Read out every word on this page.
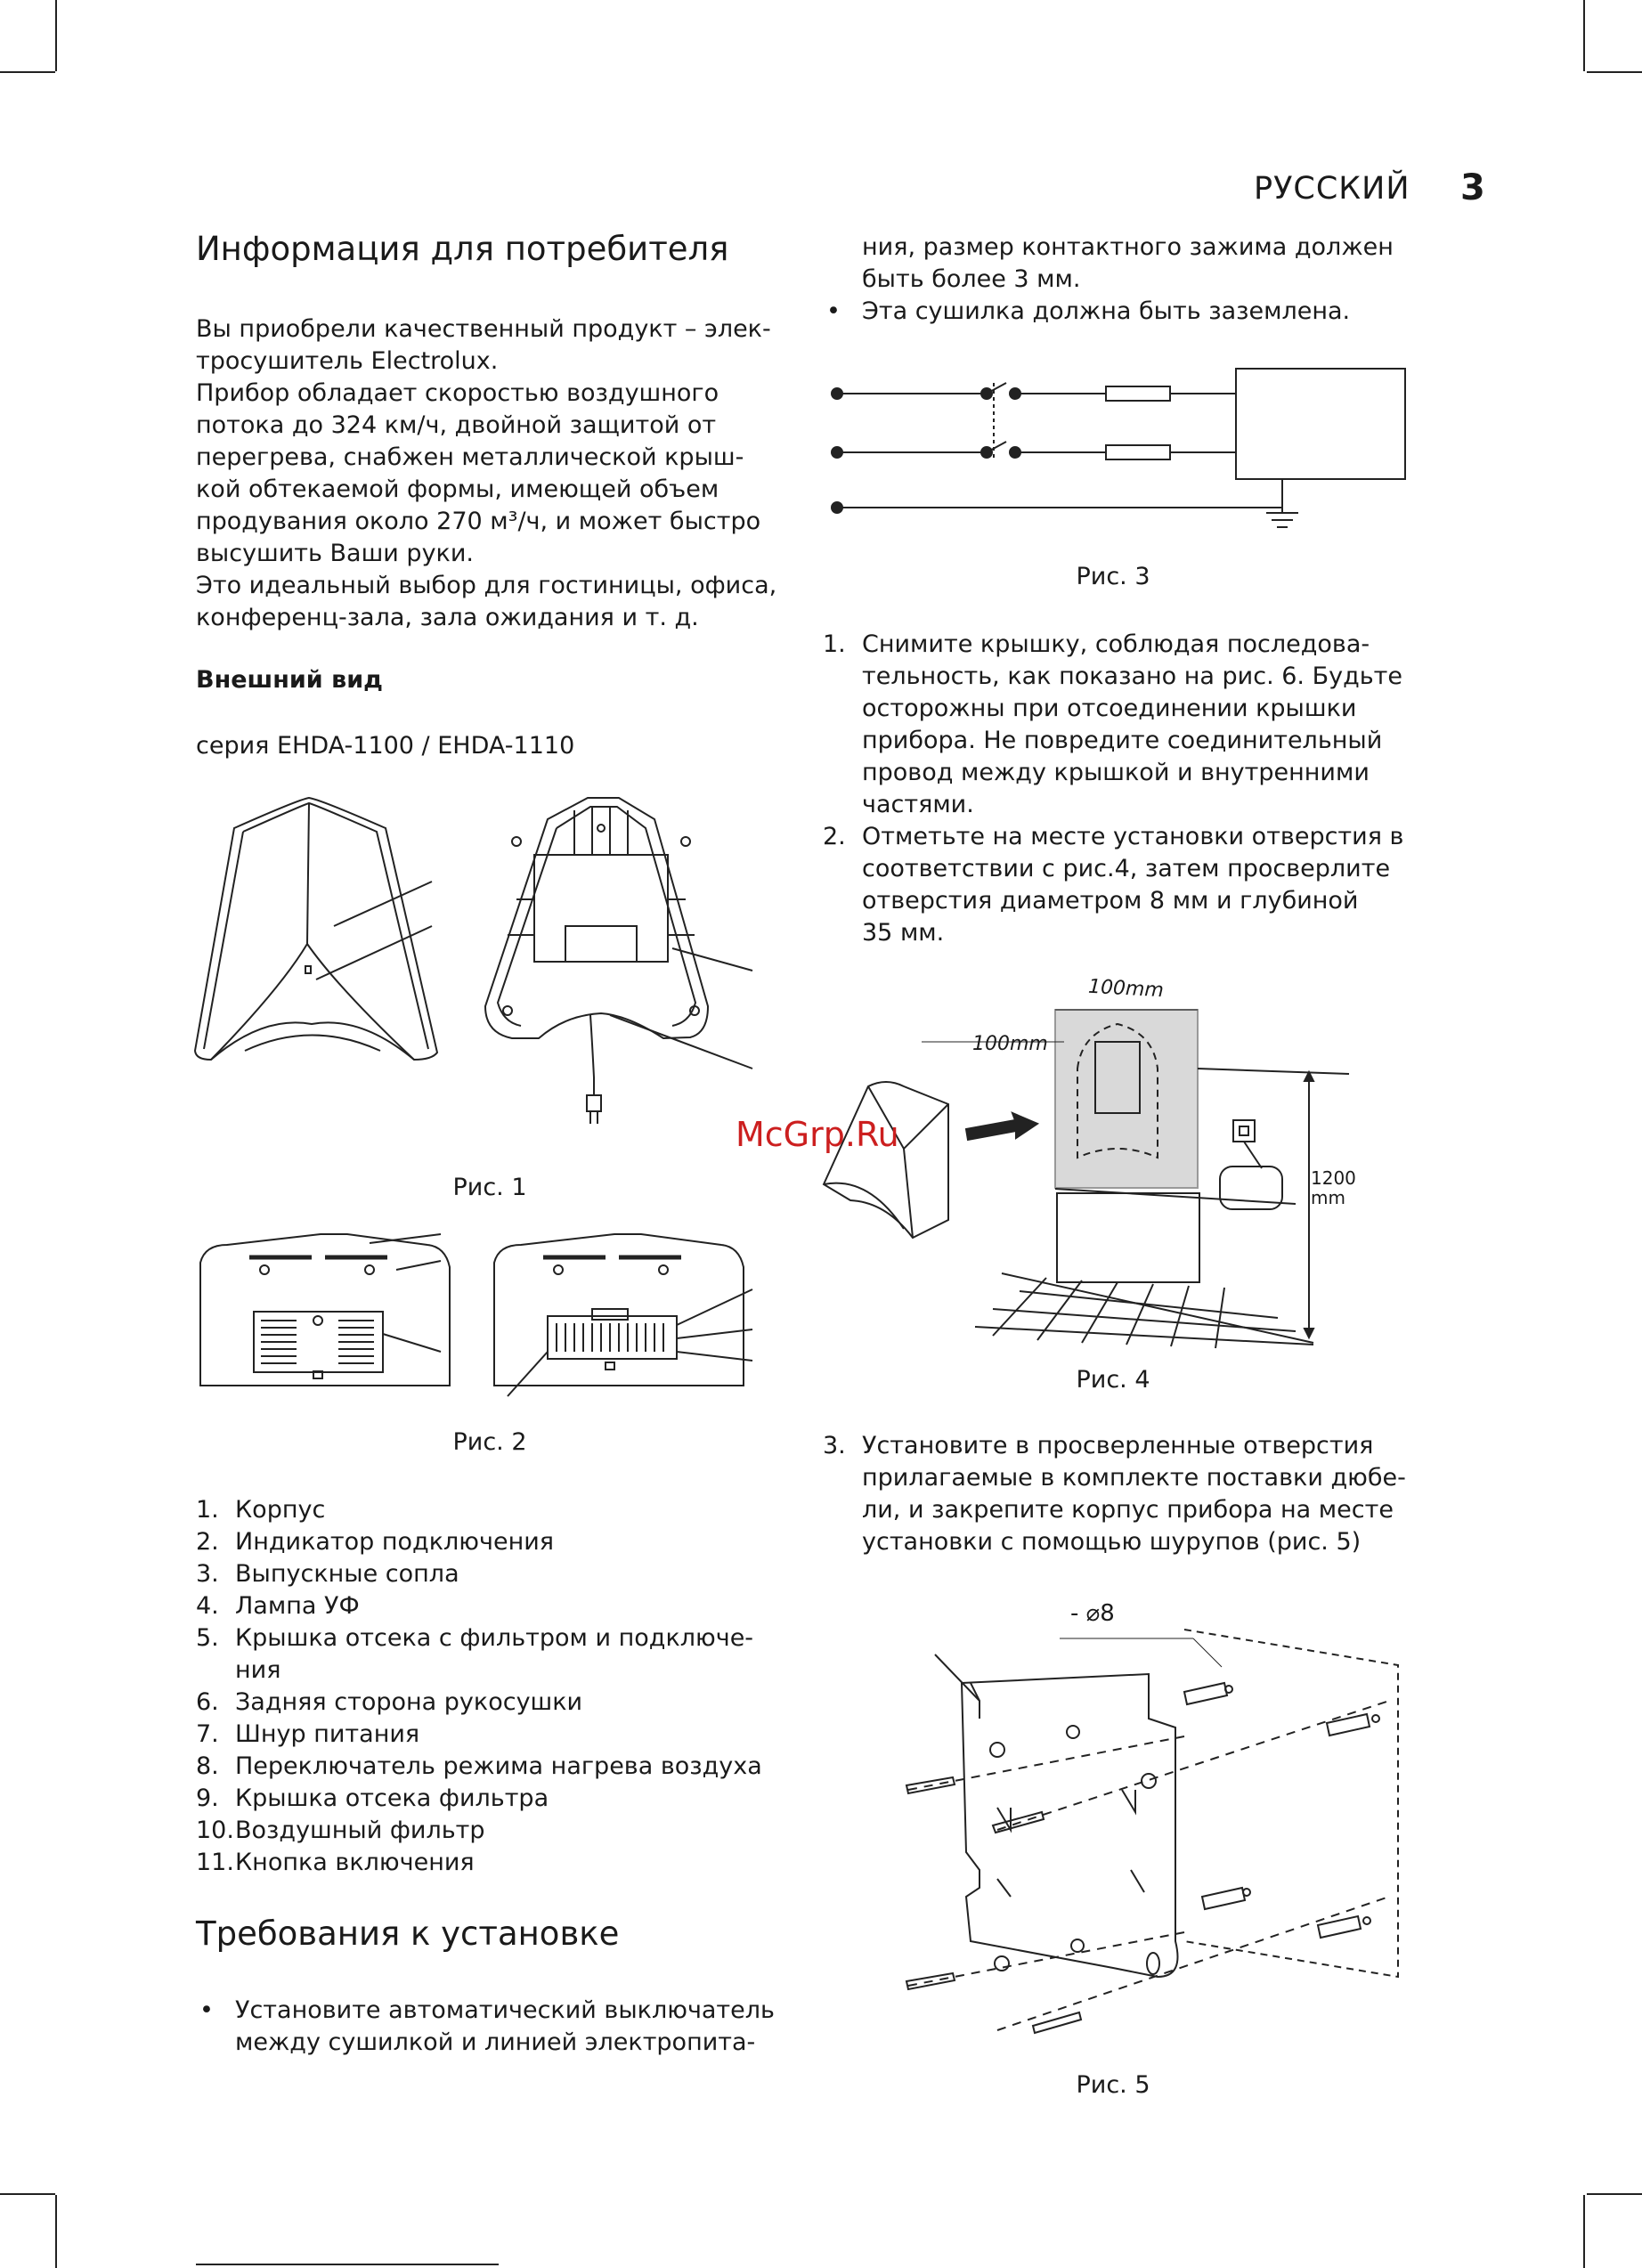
РУССКИЙ 3
Информация для потребителя

Вы приобрели качественный продукт – элек-
тросушитель Electrolux.
Прибор обладает скоростью воздушного
потока до 324 км/ч, двойной защитой от
перегрева, снабжен металлической крыш-
кой обтекаемой формы, имеющей объем
продувания около 270 м³/ч, и может быстро
высушить Ваши руки.
Это идеальный выбор для гостиницы, офиса,
конференц-зала, зала ожидания и т. д.

Внешний вид

серия EHDA-1100 / EHDA-1110

Рис. 1
Рис. 2
1. Корпус
2. Индикатор подключения
3. Выпускные сопла
4. Лампа УФ
5. Крышка отсека с фильтром и подключе-
ния
6. Задняя сторона рукосушки
7. Шнур питания
8. Переключатель режима нагрева воздуха
9. Крышка отсека фильтра
10. Воздушный фильтр
11. Кнопка включения
Требования к установке
• Установите автоматический выключатель
между сушилкой и линией электропита-

ния, размер контактного зажима должен
быть более 3 мм.

• Эта сушилка должна быть заземлена.
Рис. 3
1. Снимите крышку, соблюдая последова-
тельность, как показано на рис. 6. Будьте
осторожны при отсоединении крышки
прибора. Не повредите соединительный
провод между крышкой и внутренними
частями.
2. Отметьте на месте установки отверстия в
соответствии с рис.4, затем просверлите
отверстия диаметром 8 мм и глубиной
35 мм.
100mm
100mm
1200
mm
Рис. 4
3. Установите в просверленные отверстия
прилагаемые в комплекте поставки дюбе-
ли, и закрепите корпус прибора на месте
установки с помощью шурупов (рис. 5)
- ⌀8
Рис. 5
McGrp.Ru
